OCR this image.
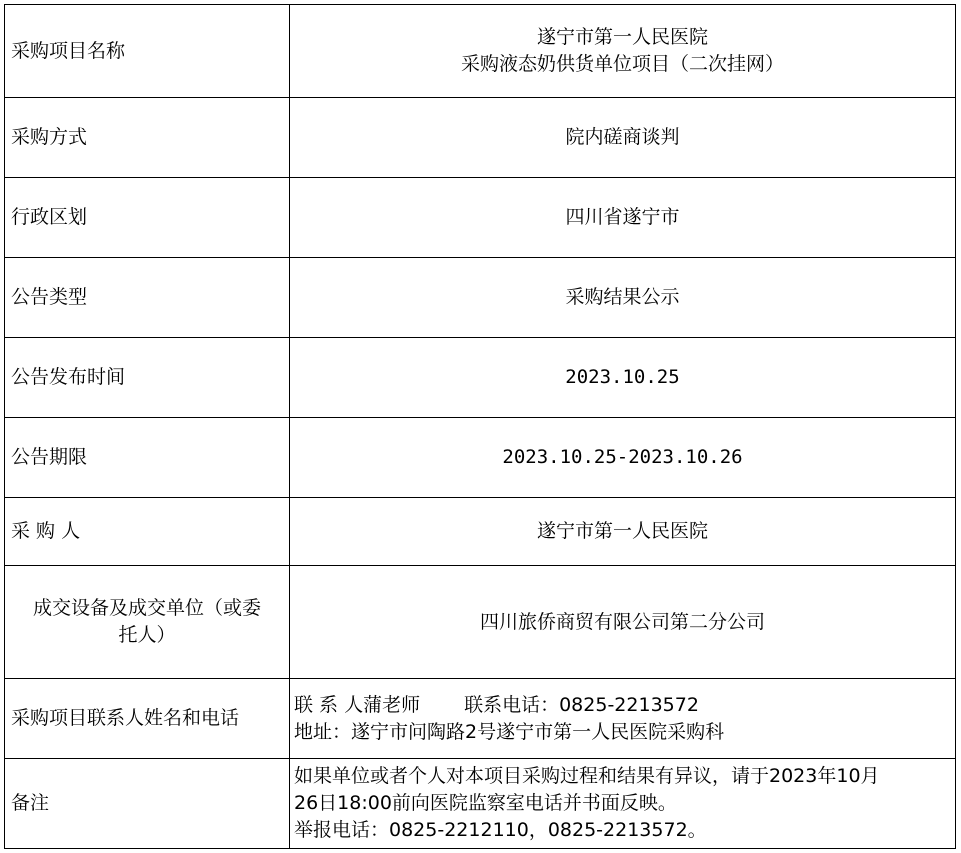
采购项目名称	遂宁市第一人民医院
采购液态奶供货单位项目（二次挂网）

采购方式	院内磋商谈判
行政区划	四川省遂宁市
公告类型	采购结果公示
公告发布时间	2023.10.25
公告期限	2023.10.25-2023.10.26
采 购 人	遂宁市第一人民医院

成交设备及成交单位（或委
托人）	四川旅侨商贸有限公司第二分公司
采购项目联系人姓名和电话	联 系 人蒲老师 联系电话：0825-2213572
地址：遂宁市问陶路2号遂宁市第一人民医院采购科

备注	如果单位或者个人对本项目采购过程和结果有异议，请于2023年10月
26日18:00前向医院监察室电话并书面反映。
举报电话：0825-2212110，0825-2213572。
